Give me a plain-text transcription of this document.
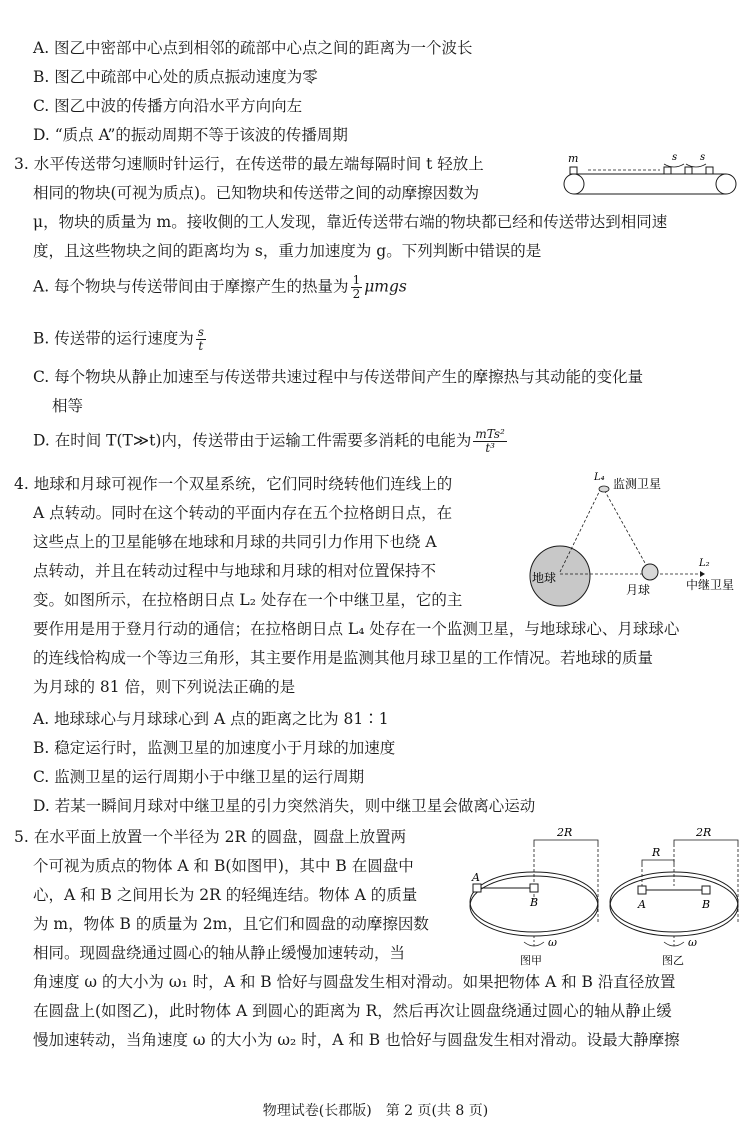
A. 图乙中密部中心点到相邻的疏部中心点之间的距离为一个波长
B. 图乙中疏部中心处的质点振动速度为零
C. 图乙中波的传播方向沿水平方向向左
D. “质点 A”的振动周期不等于该波的传播周期
3. 水平传送带匀速顺时针运行，在传送带的最左端每隔时间 t 轻放上
相同的物块(可视为质点)。已知物块和传送带之间的动摩擦因数为
μ，物块的质量为 m。接收側的工人发现，靠近传送带右端的物块都已经和传送带达到相同速
度，且这些物块之间的距离均为 s，重力加速度为 g。下列判断中错误的是
m	s s
A. 每个物块与传送带间由于摩擦产生的热量为 $\frac{1}{2}$ μmgs
B. 传送带的运行速度为 $\frac{s}{t}$
C. 每个物块从静止加速至与传送带共速过程中与传送带间产生的摩擦热与其动能的变化量
相等
D. 在时间 T(T≫t)内，传送带由于运输工件需要多消耗的电能为 $\frac{\text{mTs²}}{\text{t³}}$
4. 地球和月球可视作一个双星系统，它们同时绕转他们连线上的
A 点转动。同时在这个转动的平面内存在五个拉格朗日点，在
这些点上的卫星能够在地球和月球的共同引力作用下也绕 A
点转动，并且在转动过程中与地球和月球的相对位置保持不
变。如图所示，在拉格朗日点 L₂ 处存在一个中继卫星，它的主
要作用是用于登月行动的通信；在拉格朗日点 L₄ 处存在一个监测卫星，与地球球心、月球球心
的连线恰构成一个等边三角形，其主要作用是监测其他月球卫星的工作情况。若地球的质量
为月球的 81 倍，则下列说法正确的是
地球
月球
L₄ 监测卫星
L₂
中继卫星
A. 地球球心与月球球心到 A 点的距离之比为 81∶1
B. 稳定运行时，监测卫星的加速度小于月球的加速度
C. 监测卫星的运行周期小于中继卫星的运行周期
D. 若某一瞬间月球对中继卫星的引力突然消失，则中继卫星会做离心运动
5. 在水平面上放置一个半径为 2R 的圆盘，圆盘上放置两
个可视为质点的物体 A 和 B(如图甲)，其中 B 在圆盘中
心，A 和 B 之间用长为 2R 的轻绳连结。物体 A 的质量
为 m，物体 B 的质量为 2m，且它们和圆盘的动摩擦因数
相同。现圆盘绕通过圆心的轴从静止缓慢加速转动，当
角速度 ω 的大小为 ω₁ 时，A 和 B 恰好与圆盘发生相对滑动。如果把物体 A 和 B 沿直径放置
在圆盘上(如图乙)，此时物体 A 到圆心的距离为 R，然后再次让圆盘绕通过圆心的轴从静止缓
慢加速转动，当角速度 ω 的大小为 ω₂ 时，A 和 B 也恰好与圆盘发生相对滑动。设最大静摩擦
2R
A
B
ω
图甲
2R
R
A	B
ω
图乙
物理试卷(长郡版)　第 2 页(共 8 页)
